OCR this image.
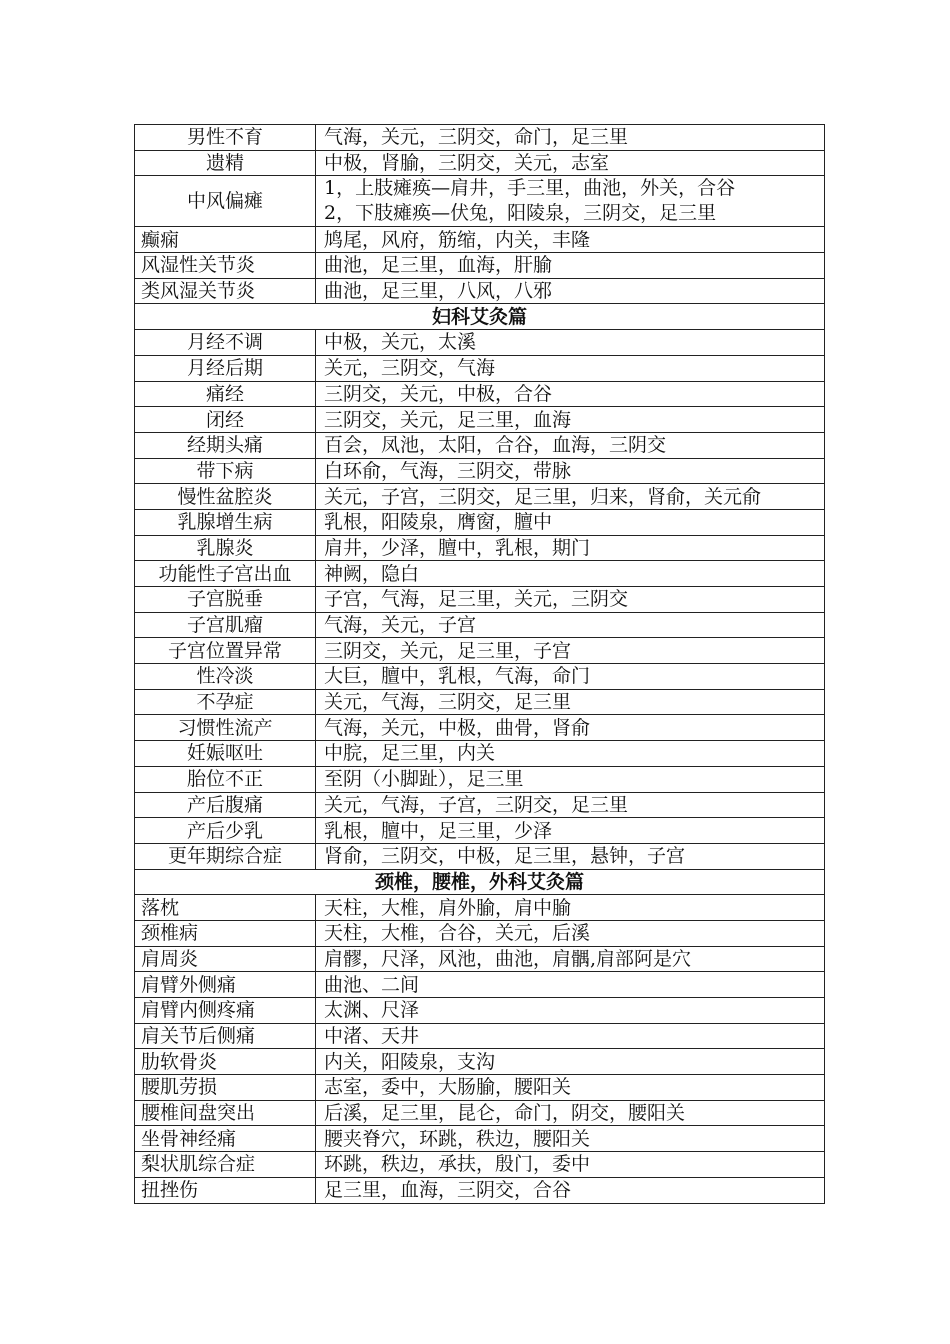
男性不育	气海，关元，三阴交，命门，足三里
遗精	中极，肾腧，三阴交，关元，志室
中风偏瘫	1，上肢瘫痪—肩井，手三里，曲池，外关，合谷
2，下肢瘫痪—伏兔，阳陵泉，三阴交，足三里

癫痫	鸠尾，风府，筋缩，内关，丰隆
风湿性关节炎	曲池，足三里，血海，肝腧
类风湿关节炎	曲池，足三里，八风，八邪
妇科艾灸篇	
月经不调	中极，关元，太溪
月经后期	关元，三阴交，气海
痛经	三阴交，关元，中极，合谷
闭经	三阴交，关元，足三里，血海
经期头痛	百会，凤池，太阳，合谷，血海，三阴交
带下病	白环俞，气海，三阴交，带脉
慢性盆腔炎	关元，子宫，三阴交，足三里，归来，肾俞，关元俞
乳腺增生病	乳根，阳陵泉，膺窗，膻中
乳腺炎	肩井，少泽，膻中，乳根，期门
功能性子宫出血	神阙，隐白
子宫脱垂	子宫，气海，足三里，关元，三阴交
子宫肌瘤	气海，关元，子宫
子宫位置异常	三阴交，关元，足三里，子宫
性冷淡	大巨，膻中，乳根，气海，命门
不孕症	关元，气海，三阴交，足三里
习惯性流产	气海，关元，中极，曲骨，肾俞
妊娠呕吐	中脘，足三里，内关
胎位不正	至阴（小脚趾），足三里
产后腹痛	关元，气海，子宫，三阴交，足三里
产后少乳	乳根，膻中，足三里，少泽
更年期综合症	肾俞，三阴交，中极，足三里，悬钟，子宫
颈椎，腰椎，外科艾灸篇	
落枕	天柱，大椎，肩外腧，肩中腧
颈椎病	天柱，大椎，合谷，关元，后溪
肩周炎	肩髎，尺泽，风池，曲池，肩髃,肩部阿是穴
肩臂外侧痛	曲池、二间
肩臂内侧疼痛	太渊、尺泽
肩关节后侧痛	中渚、天井
肋软骨炎	内关，阳陵泉，支沟
腰肌劳损	志室，委中，大肠腧，腰阳关
腰椎间盘突出	后溪，足三里，昆仑，命门，阴交，腰阳关
坐骨神经痛	腰夹脊穴，环跳，秩边，腰阳关
梨状肌综合症	环跳，秩边，承扶，殷门，委中
扭挫伤	足三里，血海，三阴交，合谷
